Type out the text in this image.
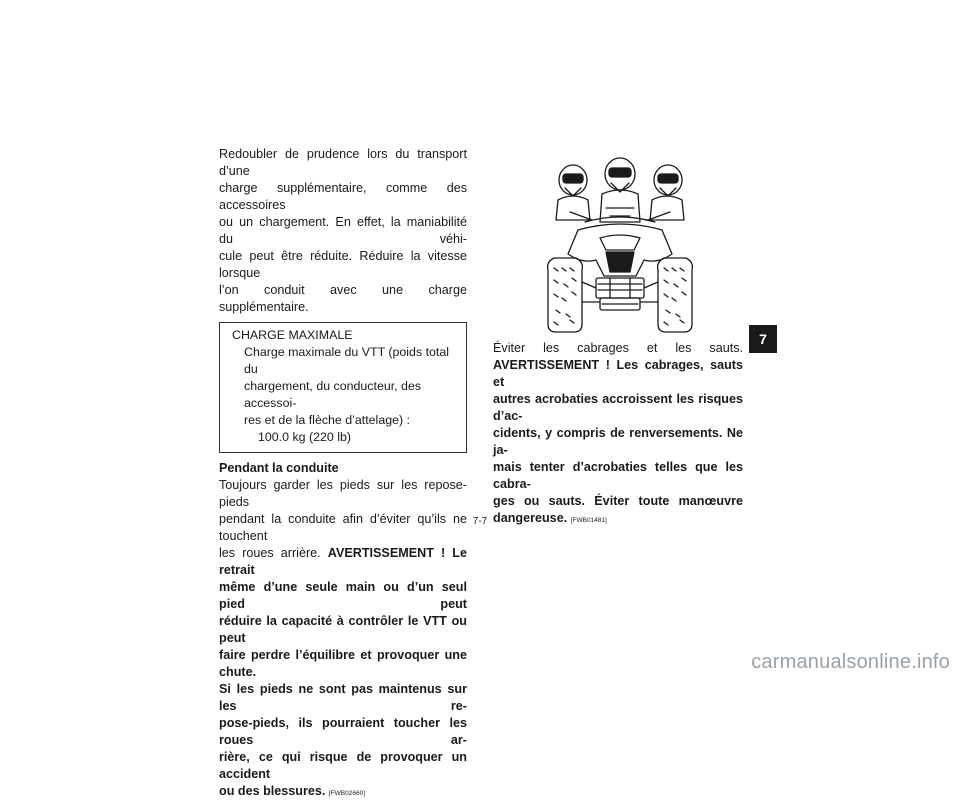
Redoubler de prudence lors du transport d’une

charge supplémentaire, comme des accessoires

ou un chargement. En effet, la maniabilité du véhi-

cule peut être réduite. Réduire la vitesse lorsque

l’on conduit avec une charge supplémentaire.

CHARGE MAXIMALE
Charge maximale du VTT (poids total du
chargement, du conducteur, des accessoi-
res et de la flèche d’attelage) :
100.0 kg (220 lb)

Pendant la conduite

Toujours garder les pieds sur les repose-pieds

pendant la conduite afin d’éviter qu’ils ne touchent

les roues arrière. AVERTISSEMENT ! Le retrait

même d’une seule main ou d’un seul pied peut

réduire la capacité à contrôler le VTT ou peut

faire perdre l’équilibre et provoquer une chute.

Si les pieds ne sont pas maintenus sur les re-

pose-pieds, ils pourraient toucher les roues ar-

rière, ce qui risque de provoquer un accident

ou des blessures. [FWB02660]

Éviter les cabrages et les sauts.

AVERTISSEMENT ! Les cabrages, sauts et

autres acrobaties accroissent les risques d’ac-

cidents, y compris de renversements. Ne ja-

mais tenter d’acrobaties telles que les cabra-

ges ou sauts. Éviter toute manœuvre

dangereuse. [FWB01481]

7
7-7
carmanualsonline.info
